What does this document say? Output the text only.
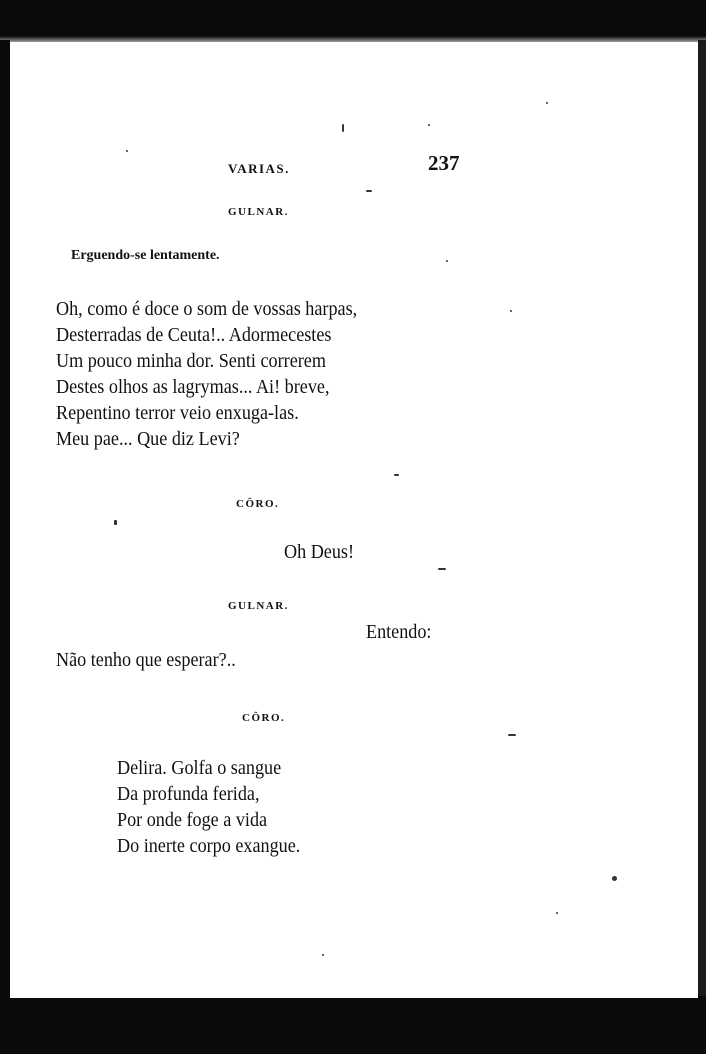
VARIAS.	237
GULNAR.
Erguendo-se lentamente.
Oh, como é doce o som de vossas harpas,
Desterradas de Ceuta!.. Adormecestes
Um pouco minha dor. Senti correrem
Destes olhos as lagrymas... Ai! breve,
Repentino terror veio enxuga-las.
Meu pae... Que diz Levi?
CÔRO.
Oh Deus!
GULNAR.
Entendo:
Não tenho que esperar?..
CÔRO.
Delira. Golfa o sangue
Da profunda ferida,
Por onde foge a vida
Do inerte corpo exangue.
